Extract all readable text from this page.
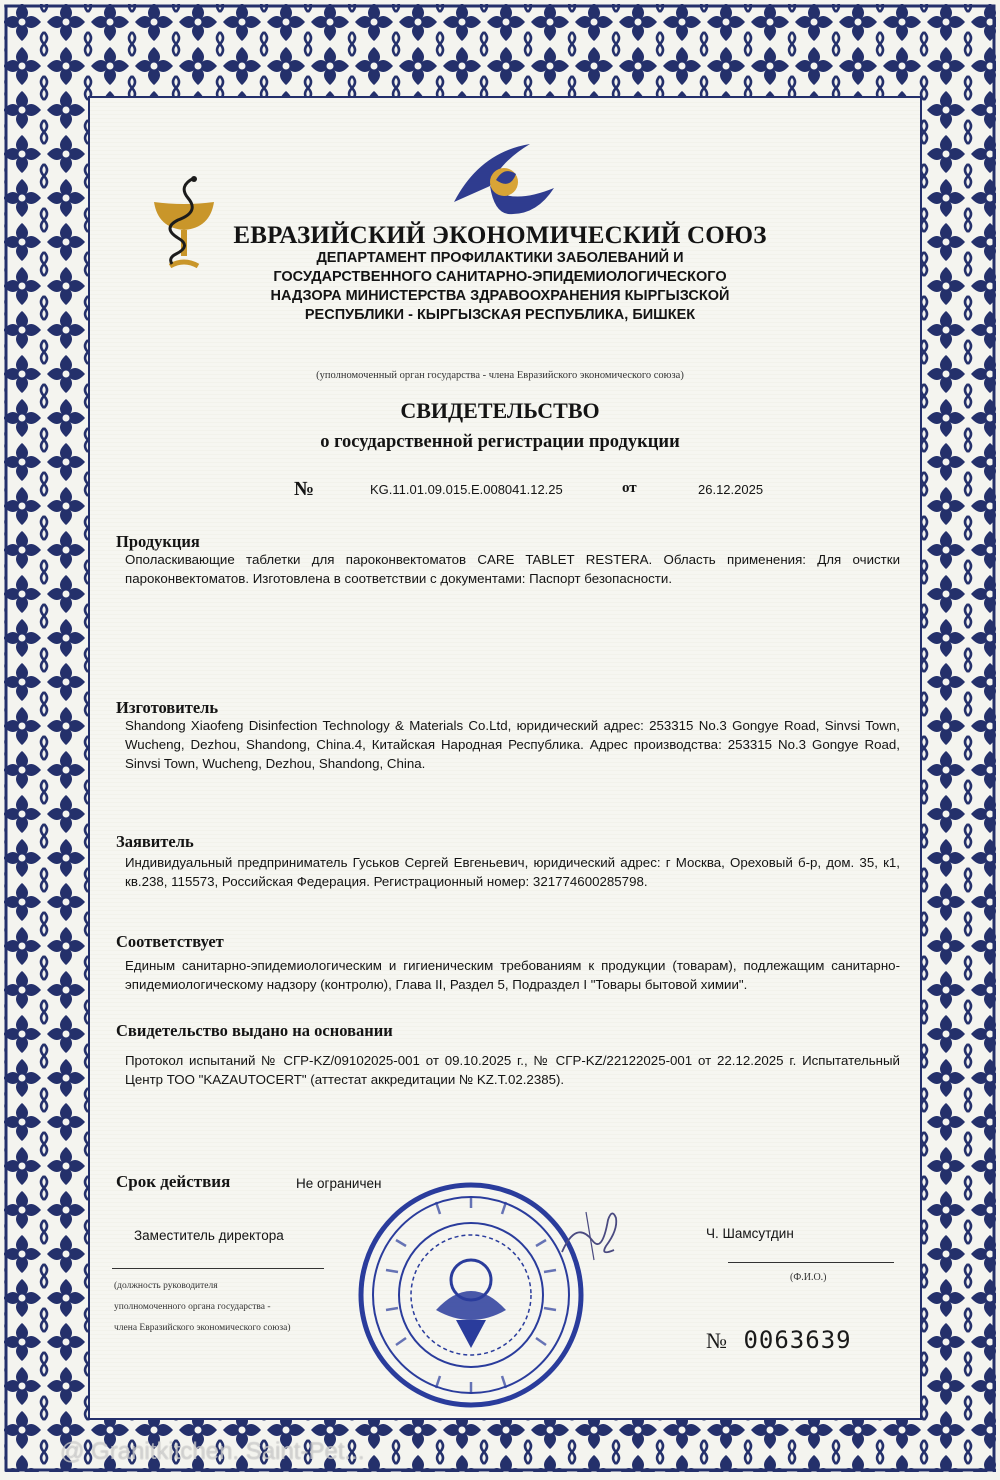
ЕВРАЗИЙСКИЙ ЭКОНОМИЧЕСКИЙ СОЮЗ
ДЕПАРТАМЕНТ ПРОФИЛАКТИКИ ЗАБОЛЕВАНИЙ И
ГОСУДАРСТВЕННОГО САНИТАРНО-ЭПИДЕМИОЛОГИЧЕСКОГО
НАДЗОРА МИНИСТЕРСТВА ЗДРАВООХРАНЕНИЯ КЫРГЫЗСКОЙ
РЕСПУБЛИКИ - КЫРГЫЗСКАЯ РЕСПУБЛИКА, БИШКЕК
(уполномоченный орган государства - члена Евразийского экономического союза)
СВИДЕТЕЛЬСТВО
о государственной регистрации продукции
№	KG.11.01.09.015.E.008041.12.25	от	26.12.2025
Продукция
Ополаскивающие таблетки для пароконвектоматов CARE TABLET RESTERA. Область применения: Для очистки пароконвектоматов. Изготовлена в соответствии с документами: Паспорт безопасности.
Изготовитель
Shandong Xiaofeng Disinfection Technology & Materials Co.Ltd, юридический адрес: 253315 No.3 Gongye Road, Sinvsi Town, Wucheng, Dezhou, Shandong, China.4, Китайская Народная Республика. Адрес производства: 253315 No.3 Gongye Road, Sinvsi Town, Wucheng, Dezhou, Shandong, China.
Заявитель
Индивидуальный предприниматель Гуськов Сергей Евгеньевич, юридический адрес: г Москва, Ореховый б-р, дом. 35, к1, кв.238, 115573, Российская Федерация. Регистрационный номер: 321774600285798.
Соответствует
Единым санитарно-эпидемиологическим и гигиеническим требованиям к продукции (товарам), подлежащим санитарно-эпидемиологическому надзору (контролю), Глава II, Раздел 5, Подраздел I "Товары бытовой химии".
Свидетельство выдано на основании
Протокол испытаний № СГР-KZ/09102025-001 от 09.10.2025 г., № СГР-KZ/22122025-001 от 22.12.2025 г. Испытательный Центр ТОО "KAZAUTOCERT" (аттестат аккредитации № KZ.T.02.2385).
Срок действия	Не ограничен
Заместитель директора
(должность руководителя
уполномоченного органа государства -
члена Евразийского экономического союза)
Ч. Шамсутдин
(Ф.И.О.)
№ 0063639
@ Granitkitchen. Saint-Pet...
